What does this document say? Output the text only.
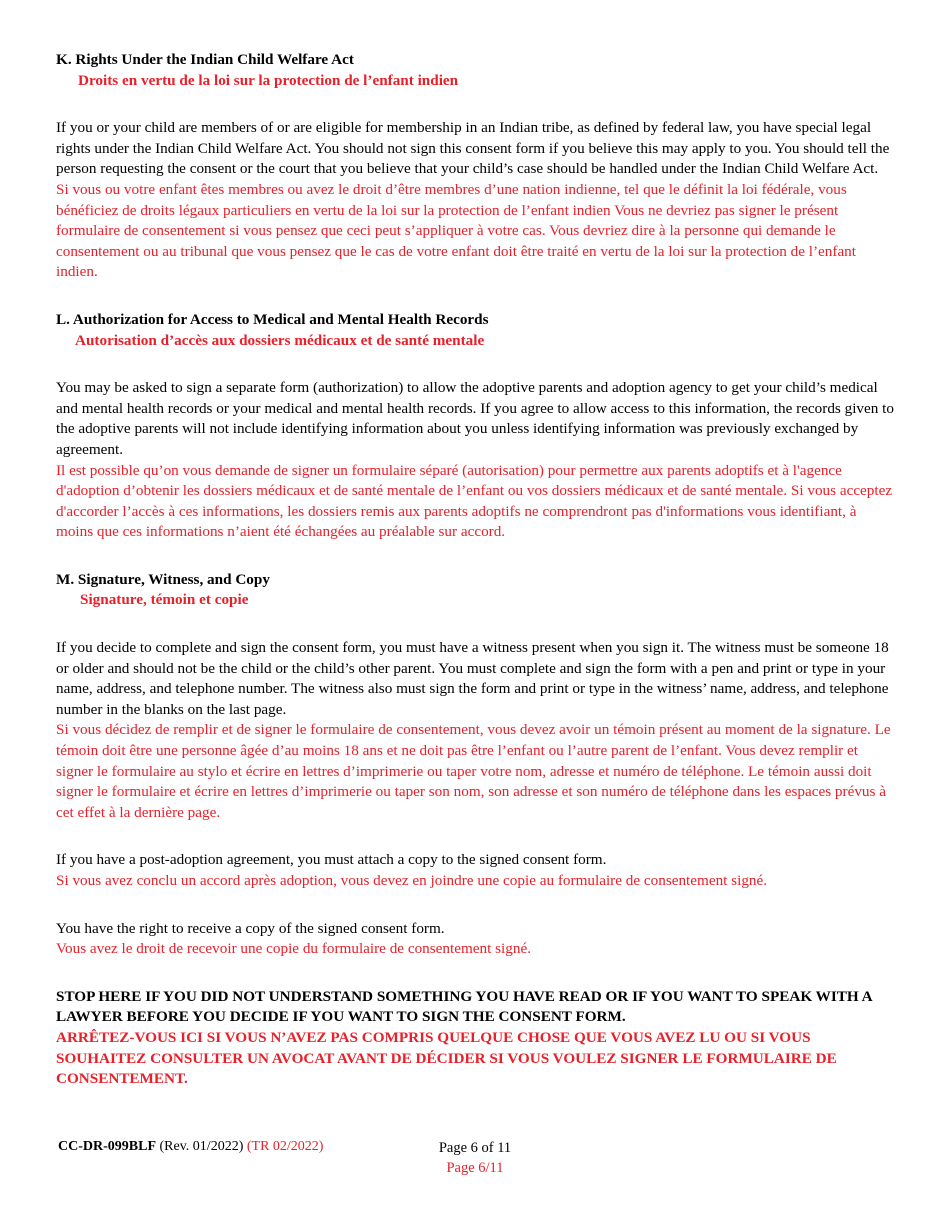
K. Rights Under the Indian Child Welfare Act

Droits en vertu de la loi sur la protection de l’enfant indien

If you or your child are members of or are eligible for membership in an Indian tribe, as defined by federal law, you have special legal rights under the Indian Child Welfare Act. You should not sign this consent form if you believe this may apply to you. You should tell the person requesting the consent or the court that you believe that your child’s case should be handled under the Indian Child Welfare Act.

Si vous ou votre enfant êtes membres ou avez le droit d’être membres d’une nation indienne, tel que le définit la loi fédérale, vous bénéficiez de droits légaux particuliers en vertu de la loi sur la protection de l’enfant indien Vous ne devriez pas signer le présent formulaire de consentement si vous pensez que ceci peut s’appliquer à votre cas. Vous devriez dire à la personne qui demande le consentement ou au tribunal que vous pensez que le cas de votre enfant doit être traité en vertu de la loi sur la protection de l’enfant indien.

L. Authorization for Access to Medical and Mental Health Records

Autorisation d’accès aux dossiers médicaux et de santé mentale

You may be asked to sign a separate form (authorization) to allow the adoptive parents and adoption agency to get your child’s medical and mental health records or your medical and mental health records. If you agree to allow access to this information, the records given to the adoptive parents will not include identifying information about you unless identifying information was previously exchanged by agreement.

Il est possible qu’on vous demande de signer un formulaire séparé (autorisation) pour permettre aux parents adoptifs et à l'agence d'adoption d’obtenir les dossiers médicaux et de santé mentale de l’enfant ou vos dossiers médicaux et de santé mentale. Si vous acceptez d'accorder l’accès à ces informations, les dossiers remis aux parents adoptifs ne comprendront pas d'informations vous identifiant, à moins que ces informations n’aient été échangées au préalable sur accord.

M. Signature, Witness, and Copy

Signature, témoin et copie

If you decide to complete and sign the consent form, you must have a witness present when you sign it. The witness must be someone 18 or older and should not be the child or the child’s other parent. You must complete and sign the form with a pen and print or type in your name, address, and telephone number. The witness also must sign the form and print or type in the witness’ name, address, and telephone number in the blanks on the last page.

Si vous décidez de remplir et de signer le formulaire de consentement, vous devez avoir un témoin présent au moment de la signature. Le témoin doit être une personne âgée d’au moins 18 ans et ne doit pas être l’enfant ou l’autre parent de l’enfant. Vous devez remplir et signer le formulaire au stylo et écrire en lettres d’imprimerie ou taper votre nom, adresse et numéro de téléphone. Le témoin aussi doit signer le formulaire et écrire en lettres d’imprimerie ou taper son nom, son adresse et son numéro de téléphone dans les espaces prévus à cet effet à la dernière page.

If you have a post-adoption agreement, you must attach a copy to the signed consent form.

Si vous avez conclu un accord après adoption, vous devez en joindre une copie au formulaire de consentement signé.

You have the right to receive a copy of the signed consent form.

Vous avez le droit de recevoir une copie du formulaire de consentement signé.

STOP HERE IF YOU DID NOT UNDERSTAND SOMETHING YOU HAVE READ OR IF YOU WANT TO SPEAK WITH A LAWYER BEFORE YOU DECIDE IF YOU WANT TO SIGN THE CONSENT FORM.

ARRÊTEZ-VOUS ICI SI VOUS N’AVEZ PAS COMPRIS QUELQUE CHOSE QUE VOUS AVEZ LU OU SI VOUS SOUHAITEZ CONSULTER UN AVOCAT AVANT DE DÉCIDER SI VOUS VOULEZ SIGNER LE FORMULAIRE DE CONSENTEMENT.

CC-DR-099BLF (Rev. 01/2022) (TR 02/2022)	Page 6 of 11
Page 6/11
